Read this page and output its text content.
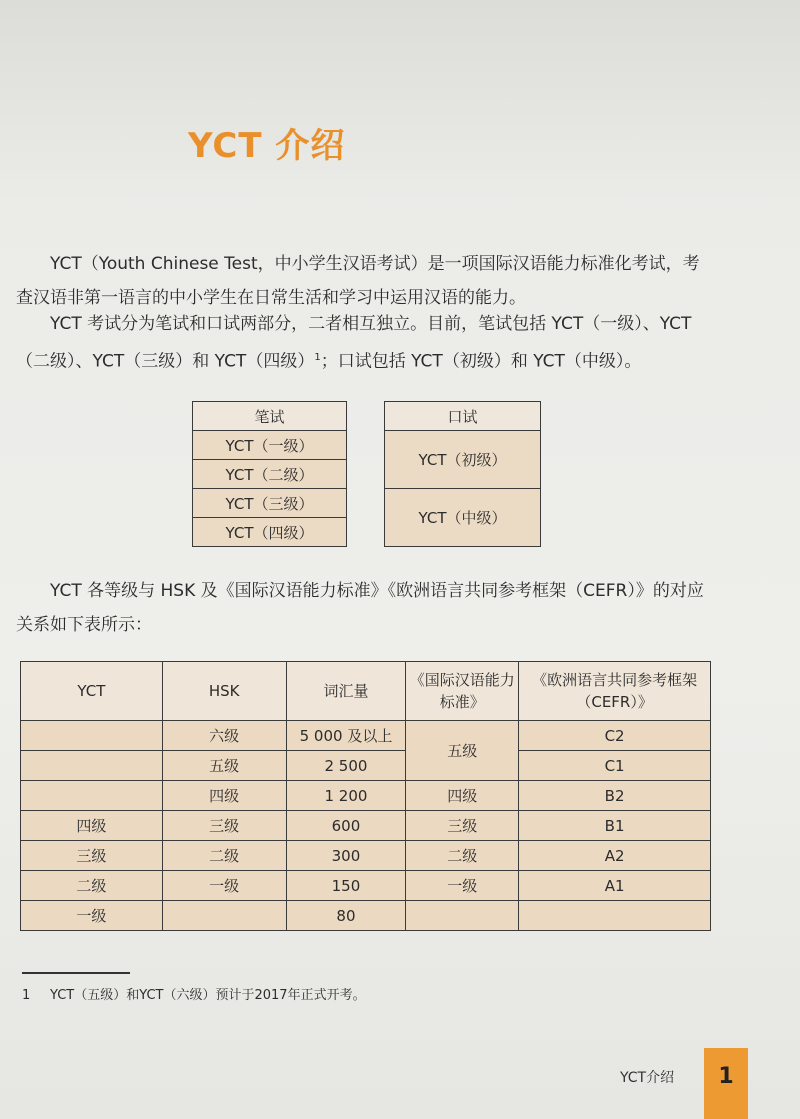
YCT 介绍
YCT（Youth Chinese Test，中小学生汉语考试）是一项国际汉语能力标准化考试，考查汉语非第一语言的中小学生在日常生活和学习中运用汉语的能力。
YCT 考试分为笔试和口试两部分，二者相互独立。目前，笔试包括 YCT（一级）、YCT（二级）、YCT（三级）和 YCT（四级）$^1$；口试包括 YCT（初级）和 YCT（中级）。
笔试
YCT（一级）
YCT（二级）
YCT（三级）
YCT（四级）
口试
YCT（初级）
YCT（中级）
YCT 各等级与 HSK 及《国际汉语能力标准》《欧洲语言共同参考框架（CEFR）》的对应关系如下表所示：
YCT	HSK	词汇量	《国际汉语能力标准》	《欧洲语言共同参考框架（CEFR）》
	六级	5 000 及以上	五级	C2
	五级	2 500		C1
	四级	1 200	四级	B2
四级	三级	600	三级	B1
三级	二级	300	二级	A2
二级	一级	150	一级	A1
一级		80		
1 YCT（五级）和YCT（六级）预计于2017年正式开考。
YCT介绍	1
